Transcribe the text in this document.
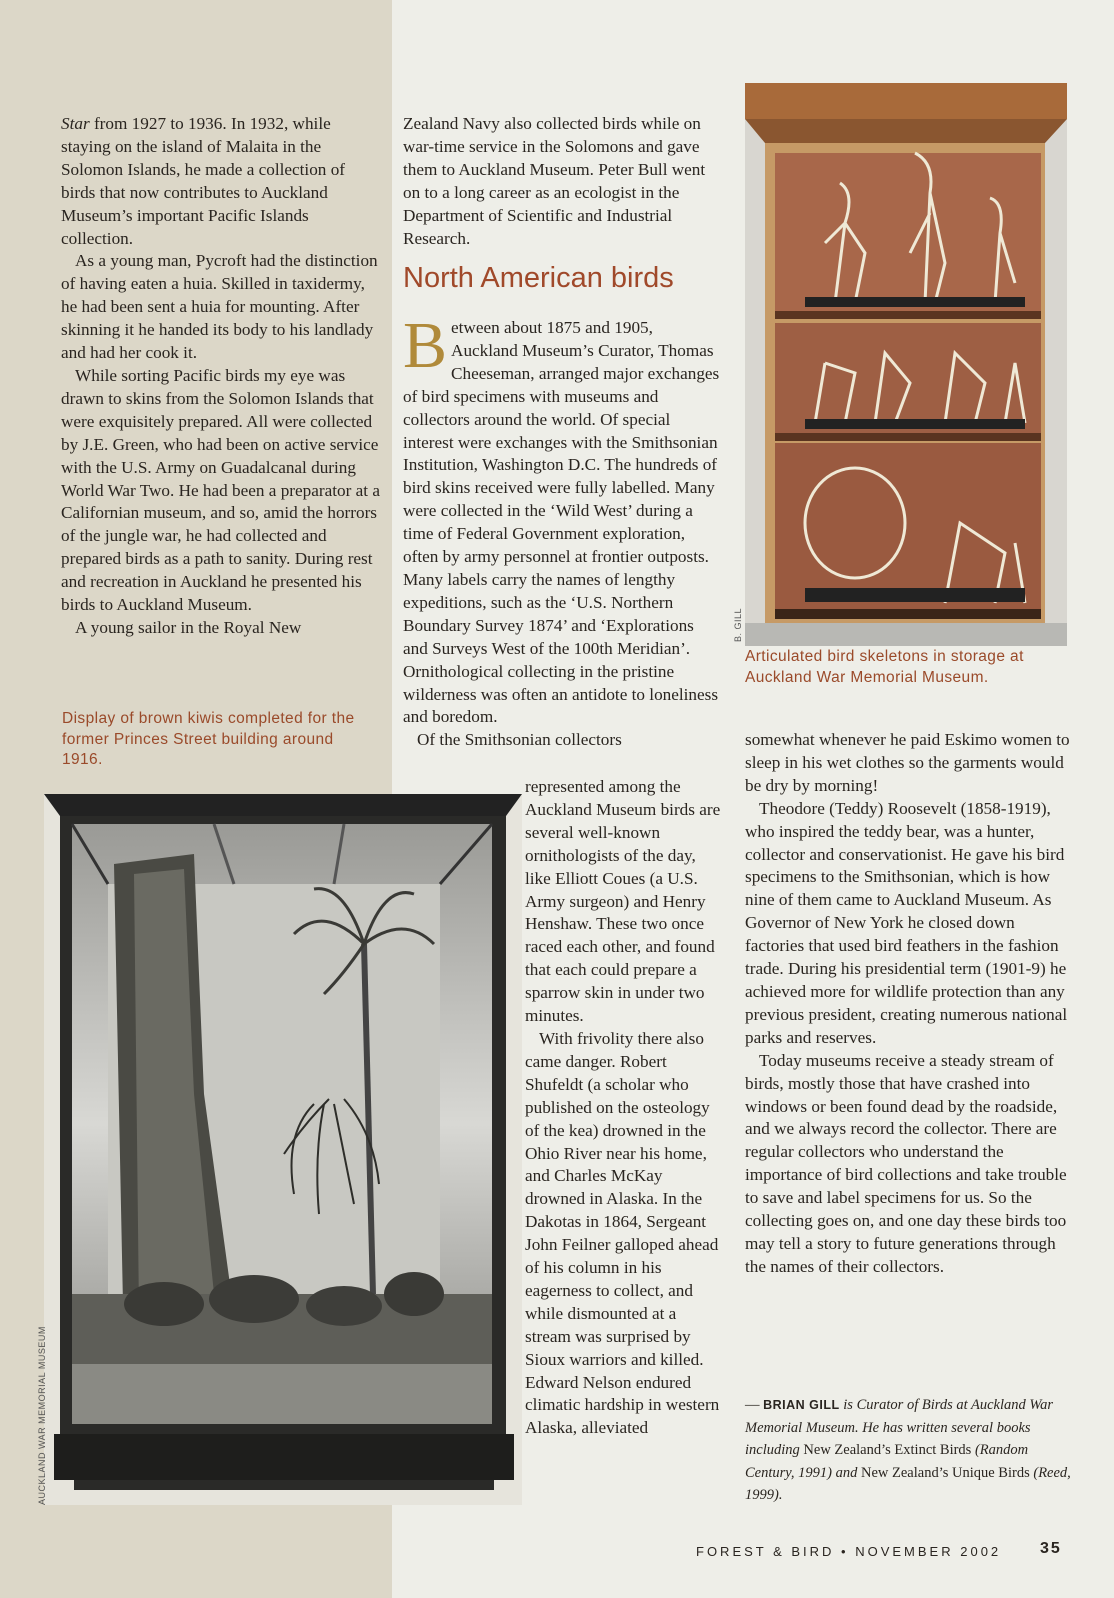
Star from 1927 to 1936. In 1932, while staying on the island of Malaita in the Solomon Islands, he made a collection of birds that now contributes to Auckland Museum’s important Pacific Islands collection.

As a young man, Pycroft had the distinction of having eaten a huia. Skilled in taxidermy, he had been sent a huia for mounting. After skinning it he handed its body to his landlady and had her cook it.

While sorting Pacific birds my eye was drawn to skins from the Solomon Islands that were exquisitely prepared. All were collected by J.E. Green, who had been on active service with the U.S. Army on Guadalcanal during World War Two. He had been a preparator at a Californian museum, and so, amid the horrors of the jungle war, he had collected and prepared birds as a path to sanity. During rest and recreation in Auckland he presented his birds to Auckland Museum.

A young sailor in the Royal New

Display of brown kiwis completed for the former Princes Street building around 1916.
AUCKLAND WAR MEMORIAL MUSEUM

Zealand Navy also collected birds while on war-time service in the Solomons and gave them to Auckland Museum. Peter Bull went on to a long career as an ecologist in the Department of Scientific and Industrial Research.

North American birds

Between about 1875 and 1905, Auckland Museum’s Curator, Thomas Cheeseman, arranged major exchanges of bird specimens with museums and collectors around the world. Of special interest were exchanges with the Smithsonian Institution, Washington D.C. The hundreds of bird skins received were fully labelled. Many were collected in the ‘Wild West’ during a time of Federal Government exploration, often by army personnel at frontier outposts. Many labels carry the names of lengthy expeditions, such as the ‘U.S. Northern Boundary Survey 1874’ and ‘Explorations and Surveys West of the 100th Meridian’. Ornithological collecting in the pristine wilderness was often an antidote to loneliness and boredom.

Of the Smithsonian collectors

represented among the Auckland Museum birds are several well-known ornithologists of the day, like Elliott Coues (a U.S. Army surgeon) and Henry Henshaw. These two once raced each other, and found that each could prepare a sparrow skin in under two minutes.

With frivolity there also came danger. Robert Shufeldt (a scholar who published on the osteology of the kea) drowned in the Ohio River near his home, and Charles McKay drowned in Alaska. In the Dakotas in 1864, Sergeant John Feilner galloped ahead of his column in his eagerness to collect, and while dismounted at a stream was surprised by Sioux warriors and killed. Edward Nelson endured climatic hardship in western Alaska, alleviated

B. GILL
Articulated bird skeletons in storage at Auckland War Memorial Museum.

somewhat whenever he paid Eskimo women to sleep in his wet clothes so the garments would be dry by morning!

Theodore (Teddy) Roosevelt (1858-1919), who inspired the teddy bear, was a hunter, collector and conservationist. He gave his bird specimens to the Smithsonian, which is how nine of them came to Auckland Museum. As Governor of New York he closed down factories that used bird feathers in the fashion trade. During his presidential term (1901-9) he achieved more for wildlife protection than any previous president, creating numerous national parks and reserves.

Today museums receive a steady stream of birds, mostly those that have crashed into windows or been found dead by the roadside, and we always record the collector. There are regular collectors who understand the importance of bird collections and take trouble to save and label specimens for us. So the collecting goes on, and one day these birds too may tell a story to future generations through the names of their collectors.

— BRIAN GILL is Curator of Birds at Auckland War Memorial Museum. He has written several books including New Zealand’s Extinct Birds (Random Century, 1991) and New Zealand’s Unique Birds (Reed, 1999).
FOREST & BIRD • NOVEMBER 2002 35
